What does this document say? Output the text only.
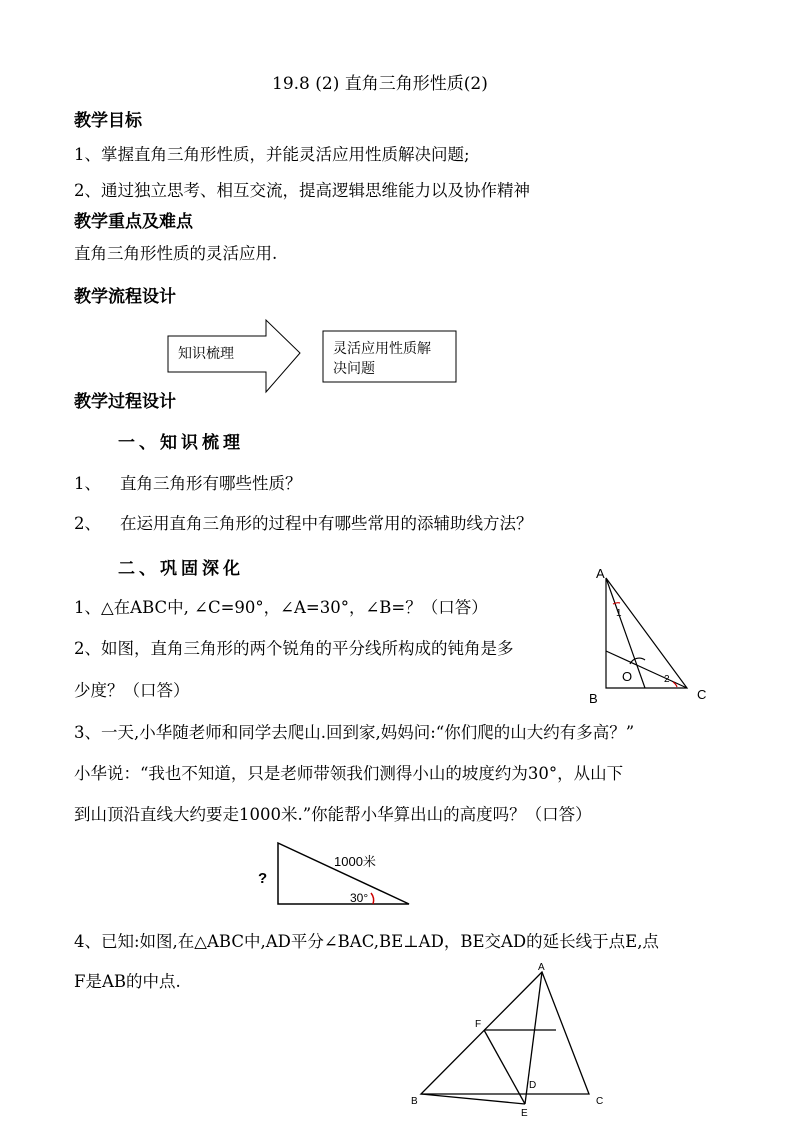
19.8 (2) 直角三角形性质(2)
教学目标
1、掌握直角三角形性质，并能灵活应用性质解决问题;
2、通过独立思考、相互交流，提高逻辑思维能力以及协作精神
教学重点及难点
直角三角形性质的灵活应用.
教学流程设计
知识梳理	灵活应用性质解
决问题
教学过程设计
一、知识梳理
1、 直角三角形有哪些性质？
2、 在运用直角三角形的过程中有哪些常用的添辅助线方法？
二、巩固深化
1、△在ABC中, ∠C=90°，∠A=30°，∠B=？（口答）
2、如图，直角三角形的两个锐角的平分线所构成的钝角是多
少度？（口答）
3、一天,小华随老师和同学去爬山.回到家,妈妈问:“你们爬的山大约有多高？”
小华说：“我也不知道，只是老师带领我们测得小山的坡度约为30°，从山下
到山顶沿直线大约要走1000米.”你能帮小华算出山的高度吗？（口答）
4、已知:如图,在△ABC中,AD平分∠BAC,BE⊥AD，BE交AD的延长线于点E,点
F是AB的中点.
A
B	C
O
1
2
?
1000米
30°
A
B	C
D
E
F
